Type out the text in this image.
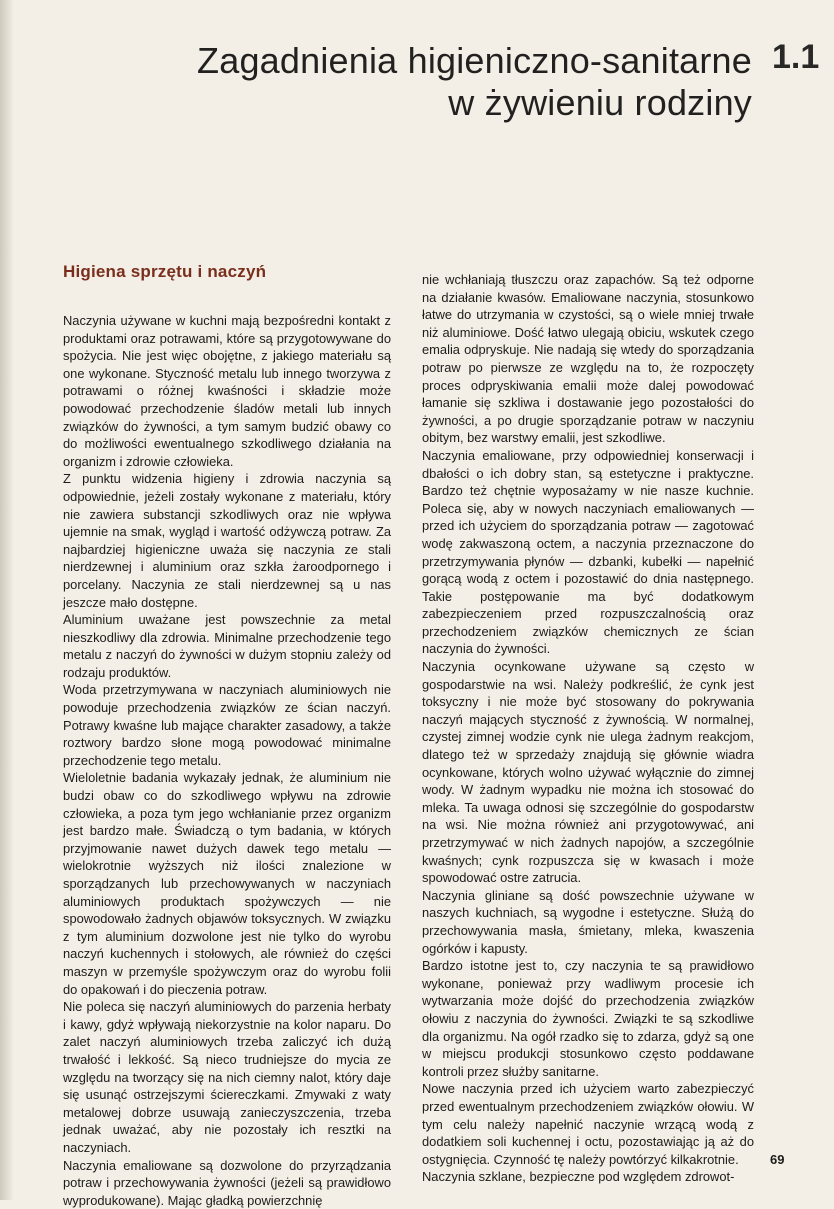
Zagadnienia higieniczno-sanitarne
w żywieniu rodziny
1.1
Higiena sprzętu i naczyń

Naczynia używane w kuchni mają bezpośredni kontakt z produktami oraz potrawami, które są przygotowywane do spożycia. Nie jest więc obojętne, z jakiego materiału są one wykonane. Styczność metalu lub innego tworzywa z potrawami o różnej kwaśności i składzie może powodować przechodzenie śladów metali lub innych związków do żywności, a tym samym budzić obawy co do możliwości ewentualnego szkodliwego działania na organizm i zdrowie człowieka.

Z punktu widzenia higieny i zdrowia naczynia są odpowiednie, jeżeli zostały wykonane z materiału, który nie zawiera substancji szkodliwych oraz nie wpływa ujemnie na smak, wygląd i wartość odżywczą potraw. Za najbardziej higieniczne uważa się naczynia ze stali nierdzewnej i aluminium oraz szkła żaroodpornego i porcelany. Naczynia ze stali nierdzewnej są u nas jeszcze mało dostępne.

Aluminium uważane jest powszechnie za metal nieszkodliwy dla zdrowia. Minimalne przechodzenie tego metalu z naczyń do żywności w dużym stopniu zależy od rodzaju produktów.

Woda przetrzymywana w naczyniach aluminiowych nie powoduje przechodzenia związków ze ścian naczyń. Potrawy kwaśne lub mające charakter zasadowy, a także roztwory bardzo słone mogą powodować minimalne przechodzenie tego metalu.

Wieloletnie badania wykazały jednak, że aluminium nie budzi obaw co do szkodliwego wpływu na zdrowie człowieka, a poza tym jego wchłanianie przez organizm jest bardzo małe. Świadczą o tym badania, w których przyjmowanie nawet dużych dawek tego metalu — wielokrotnie wyższych niż ilości znalezione w sporządzanych lub przechowywanych w naczyniach aluminiowych produktach spożywczych — nie spowodowało żadnych objawów toksycznych. W związku z tym aluminium dozwolone jest nie tylko do wyrobu naczyń kuchennych i stołowych, ale również do części maszyn w przemyśle spożywczym oraz do wyrobu folii do opakowań i do pieczenia potraw.

Nie poleca się naczyń aluminiowych do parzenia herbaty i kawy, gdyż wpływają niekorzystnie na kolor naparu. Do zalet naczyń aluminiowych trzeba zaliczyć ich dużą trwałość i lekkość. Są nieco trudniejsze do mycia ze względu na tworzący się na nich ciemny nalot, który daje się usunąć ostrzejszymi ściereczkami. Zmywaki z waty metalowej dobrze usuwają zanieczyszczenia, trzeba jednak uważać, aby nie pozostały ich resztki na naczyniach.

Naczynia emaliowane są dozwolone do przyrządzania potraw i przechowywania żywności (jeżeli są prawidłowo wyprodukowane). Mając gładką powierzchnię

nie wchłaniają tłuszczu oraz zapachów. Są też odporne na działanie kwasów. Emaliowane naczynia, stosunkowo łatwe do utrzymania w czystości, są o wiele mniej trwałe niż aluminiowe. Dość łatwo ulegają obiciu, wskutek czego emalia odpryskuje. Nie nadają się wtedy do sporządzania potraw po pierwsze ze względu na to, że rozpoczęty proces odpryskiwania emalii może dalej powodować łamanie się szkliwa i dostawanie jego pozostałości do żywności, a po drugie sporządzanie potraw w naczyniu obitym, bez warstwy emalii, jest szkodliwe.

Naczynia emaliowane, przy odpowiedniej konserwacji i dbałości o ich dobry stan, są estetyczne i praktyczne. Bardzo też chętnie wyposażamy w nie nasze kuchnie. Poleca się, aby w nowych naczyniach emaliowanych — przed ich użyciem do sporządzania potraw — zagotować wodę zakwaszoną octem, a naczynia przeznaczone do przetrzymywania płynów — dzbanki, kubełki — napełnić gorącą wodą z octem i pozostawić do dnia następnego. Takie postępowanie ma być dodatkowym zabezpieczeniem przed rozpuszczalnością oraz przechodzeniem związków chemicznych ze ścian naczynia do żywności.

Naczynia ocynkowane używane są często w gospodarstwie na wsi. Należy podkreślić, że cynk jest toksyczny i nie może być stosowany do pokrywania naczyń mających styczność z żywnością. W normalnej, czystej zimnej wodzie cynk nie ulega żadnym reakcjom, dlatego też w sprzedaży znajdują się głównie wiadra ocynkowane, których wolno używać wyłącznie do zimnej wody. W żadnym wypadku nie można ich stosować do mleka. Ta uwaga odnosi się szczególnie do gospodarstw na wsi. Nie można również ani przygotowywać, ani przetrzymywać w nich żadnych napojów, a szczególnie kwaśnych; cynk rozpuszcza się w kwasach i może spowodować ostre zatrucia.

Naczynia gliniane są dość powszechnie używane w naszych kuchniach, są wygodne i estetyczne. Służą do przechowywania masła, śmietany, mleka, kwaszenia ogórków i kapusty.

Bardzo istotne jest to, czy naczynia te są prawidłowo wykonane, ponieważ przy wadliwym procesie ich wytwarzania może dojść do przechodzenia związków ołowiu z naczynia do żywności. Związki te są szkodliwe dla organizmu. Na ogół rzadko się to zdarza, gdyż są one w miejscu produkcji stosunkowo często poddawane kontroli przez służby sanitarne.

Nowe naczynia przed ich użyciem warto zabezpieczyć przed ewentualnym przechodzeniem związków ołowiu. W tym celu należy napełnić naczynie wrzącą wodą z dodatkiem soli kuchennej i octu, pozostawiając ją aż do ostygnięcia. Czynność tę należy powtórzyć kilkakrotnie.

Naczynia szklane, bezpieczne pod względem zdrowot-

69
